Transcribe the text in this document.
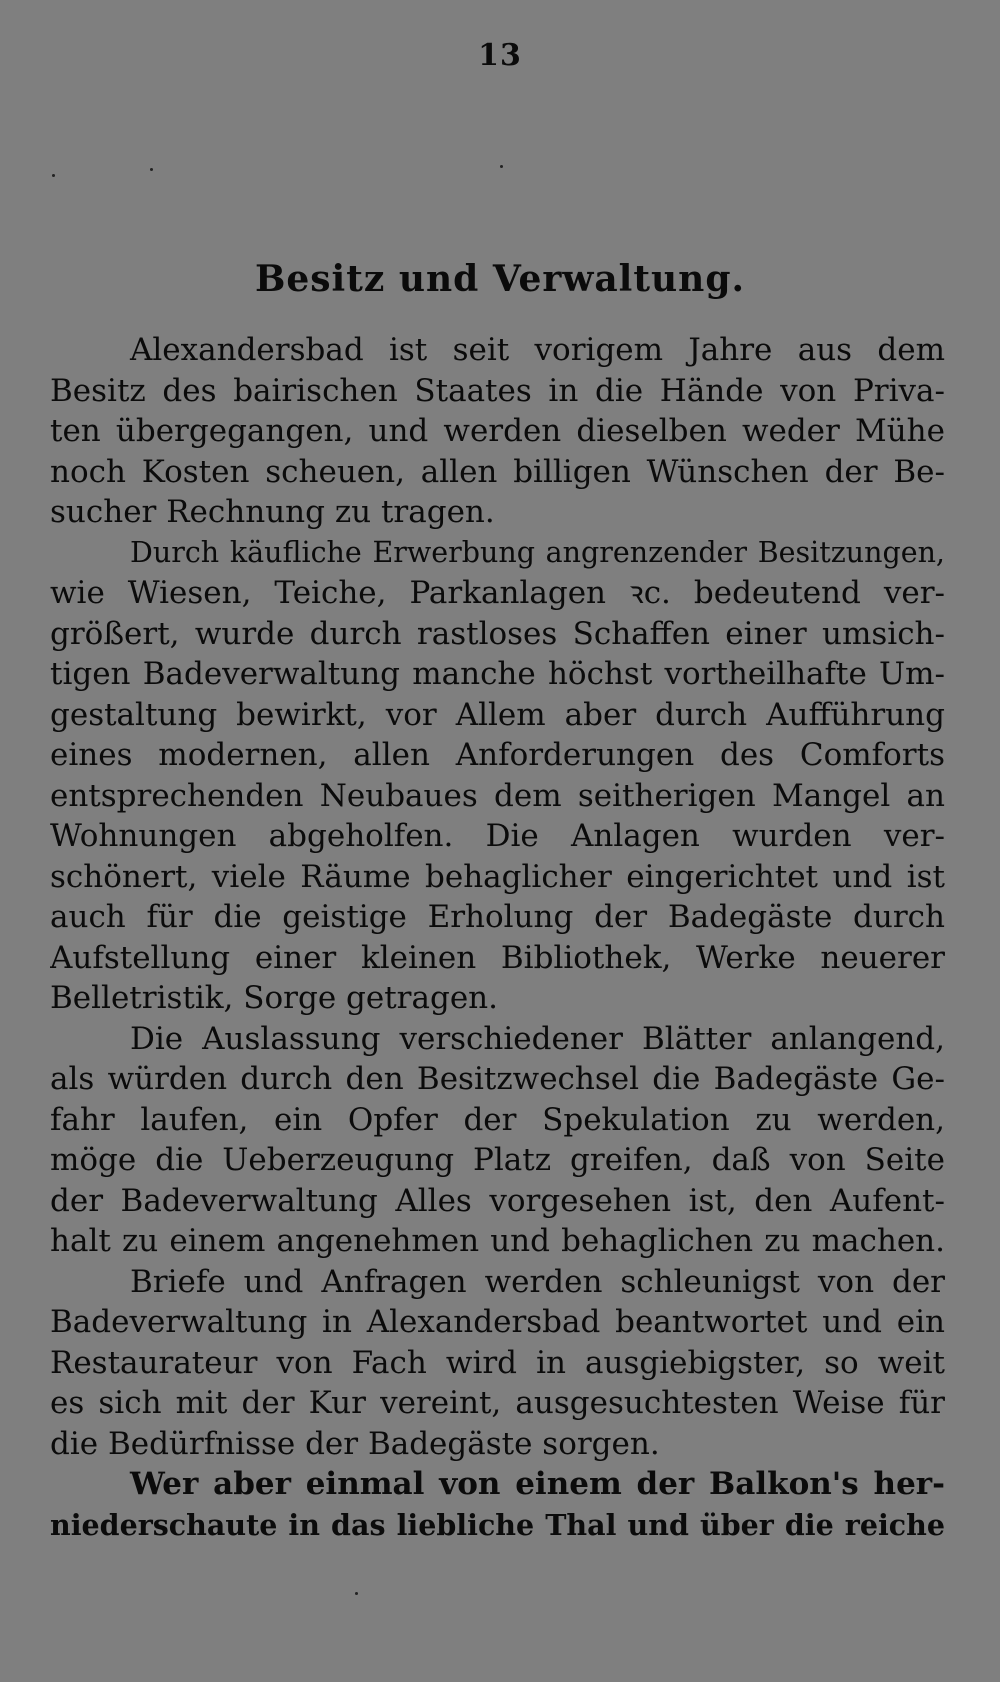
13
Besitz und Verwaltung.
Alexandersbad ist seit vorigem Jahre aus dem
Besitz des bairischen Staates in die Hände von Priva-
ten übergegangen, und werden dieselben weder Mühe
noch Kosten scheuen, allen billigen Wünschen der Be-
sucher Rechnung zu tragen.
Durch käufliche Erwerbung angrenzender Besitzungen,
wie Wiesen, Teiche, Parkanlagen ꝛc. bedeutend ver-
größert, wurde durch rastloses Schaffen einer umsich-
tigen Badeverwaltung manche höchst vortheilhafte Um-
gestaltung bewirkt, vor Allem aber durch Aufführung
eines modernen, allen Anforderungen des Comforts
entsprechenden Neubaues dem seitherigen Mangel an
Wohnungen abgeholfen. Die Anlagen wurden ver-
schönert, viele Räume behaglicher eingerichtet und ist
auch für die geistige Erholung der Badegäste durch
Aufstellung einer kleinen Bibliothek, Werke neuerer
Belletristik, Sorge getragen.
Die Auslassung verschiedener Blätter anlangend,
als würden durch den Besitzwechsel die Badegäste Ge-
fahr laufen, ein Opfer der Spekulation zu werden,
möge die Ueberzeugung Platz greifen, daß von Seite
der Badeverwaltung Alles vorgesehen ist, den Aufent-
halt zu einem angenehmen und behaglichen zu machen.
Briefe und Anfragen werden schleunigst von der
Badeverwaltung in Alexandersbad beantwortet und ein
Restaurateur von Fach wird in ausgiebigster, so weit
es sich mit der Kur vereint, ausgesuchtesten Weise für
die Bedürfnisse der Badegäste sorgen.
Wer aber einmal von einem der Balkon's her-
niederschaute in das liebliche Thal und über die reiche
